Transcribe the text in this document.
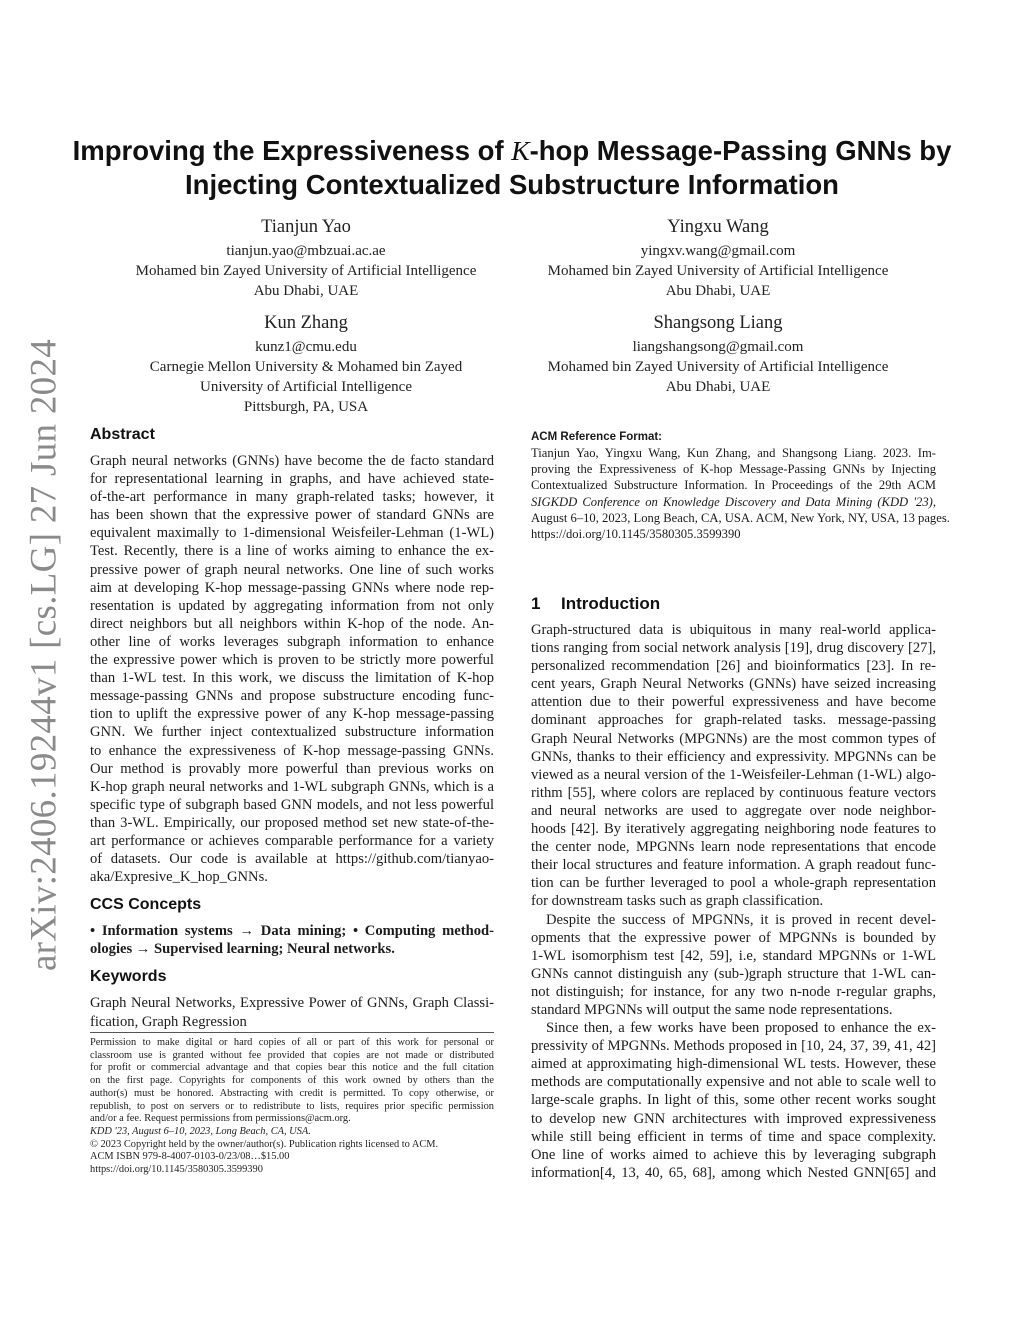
arXiv:2406.19244v1 [cs.LG] 27 Jun 2024
Improving the Expressiveness of K-hop Message-Passing GNNs by
Injecting Contextualized Substructure Information
Tianjun Yao
tianjun.yao@mbzuai.ac.ae
Mohamed bin Zayed University of Artificial Intelligence
Abu Dhabi, UAE
Yingxu Wang
yingxv.wang@gmail.com
Mohamed bin Zayed University of Artificial Intelligence
Abu Dhabi, UAE
Kun Zhang
kunz1@cmu.edu
Carnegie Mellon University & Mohamed bin Zayed
University of Artificial Intelligence
Pittsburgh, PA, USA
Shangsong Liang
liangshangsong@gmail.com
Mohamed bin Zayed University of Artificial Intelligence
Abu Dhabi, UAE
Abstract
Graph neural networks (GNNs) have become the de facto standard
for representational learning in graphs, and have achieved state-
of-the-art performance in many graph-related tasks; however, it
has been shown that the expressive power of standard GNNs are
equivalent maximally to 1-dimensional Weisfeiler-Lehman (1-WL)
Test. Recently, there is a line of works aiming to enhance the ex-
pressive power of graph neural networks. One line of such works
aim at developing K-hop message-passing GNNs where node rep-
resentation is updated by aggregating information from not only
direct neighbors but all neighbors within K-hop of the node. An-
other line of works leverages subgraph information to enhance
the expressive power which is proven to be strictly more powerful
than 1-WL test. In this work, we discuss the limitation of K-hop
message-passing GNNs and propose substructure encoding func-
tion to uplift the expressive power of any K-hop message-passing
GNN. We further inject contextualized substructure information
to enhance the expressiveness of K-hop message-passing GNNs.
Our method is provably more powerful than previous works on
K-hop graph neural networks and 1-WL subgraph GNNs, which is a
specific type of subgraph based GNN models, and not less powerful
than 3-WL. Empirically, our proposed method set new state-of-the-
art performance or achieves comparable performance for a variety
of datasets. Our code is available at https://github.com/tianyao-
aka/Expresive_K_hop_GNNs.
CCS Concepts
• Information systems → Data mining; • Computing method-
ologies → Supervised learning; Neural networks.
Keywords
Graph Neural Networks, Expressive Power of GNNs, Graph Classi-
fication, Graph Regression
Permission to make digital or hard copies of all or part of this work for personal or
classroom use is granted without fee provided that copies are not made or distributed
for profit or commercial advantage and that copies bear this notice and the full citation
on the first page. Copyrights for components of this work owned by others than the
author(s) must be honored. Abstracting with credit is permitted. To copy otherwise, or
republish, to post on servers or to redistribute to lists, requires prior specific permission
and/or a fee. Request permissions from permissions@acm.org.
KDD '23, August 6–10, 2023, Long Beach, CA, USA.
© 2023 Copyright held by the owner/author(s). Publication rights licensed to ACM.
ACM ISBN 979-8-4007-0103-0/23/08…$15.00
https://doi.org/10.1145/3580305.3599390
ACM Reference Format:
Tianjun Yao, Yingxu Wang, Kun Zhang, and Shangsong Liang. 2023. Im-
proving the Expressiveness of K-hop Message-Passing GNNs by Injecting
Contextualized Substructure Information. In Proceedings of the 29th ACM
SIGKDD Conference on Knowledge Discovery and Data Mining (KDD '23),
August 6–10, 2023, Long Beach, CA, USA. ACM, New York, NY, USA, 13 pages.
https://doi.org/10.1145/3580305.3599390
1 Introduction
Graph-structured data is ubiquitous in many real-world applica-
tions ranging from social network analysis [19], drug discovery [27],
personalized recommendation [26] and bioinformatics [23]. In re-
cent years, Graph Neural Networks (GNNs) have seized increasing
attention due to their powerful expressiveness and have become
dominant approaches for graph-related tasks. message-passing
Graph Neural Networks (MPGNNs) are the most common types of
GNNs, thanks to their efficiency and expressivity. MPGNNs can be
viewed as a neural version of the 1-Weisfeiler-Lehman (1-WL) algo-
rithm [55], where colors are replaced by continuous feature vectors
and neural networks are used to aggregate over node neighbor-
hoods [42]. By iteratively aggregating neighboring node features to
the center node, MPGNNs learn node representations that encode
their local structures and feature information. A graph readout func-
tion can be further leveraged to pool a whole-graph representation
for downstream tasks such as graph classification.
Despite the success of MPGNNs, it is proved in recent devel-
opments that the expressive power of MPGNNs is bounded by
1-WL isomorphism test [42, 59], i.e, standard MPGNNs or 1-WL
GNNs cannot distinguish any (sub-)graph structure that 1-WL can-
not distinguish; for instance, for any two n-node r-regular graphs,
standard MPGNNs will output the same node representations.
Since then, a few works have been proposed to enhance the ex-
pressivity of MPGNNs. Methods proposed in [10, 24, 37, 39, 41, 42]
aimed at approximating high-dimensional WL tests. However, these
methods are computationally expensive and not able to scale well to
large-scale graphs. In light of this, some other recent works sought
to develop new GNN architectures with improved expressiveness
while still being efficient in terms of time and space complexity.
One line of works aimed to achieve this by leveraging subgraph
information[4, 13, 40, 65, 68], among which Nested GNN[65] and
